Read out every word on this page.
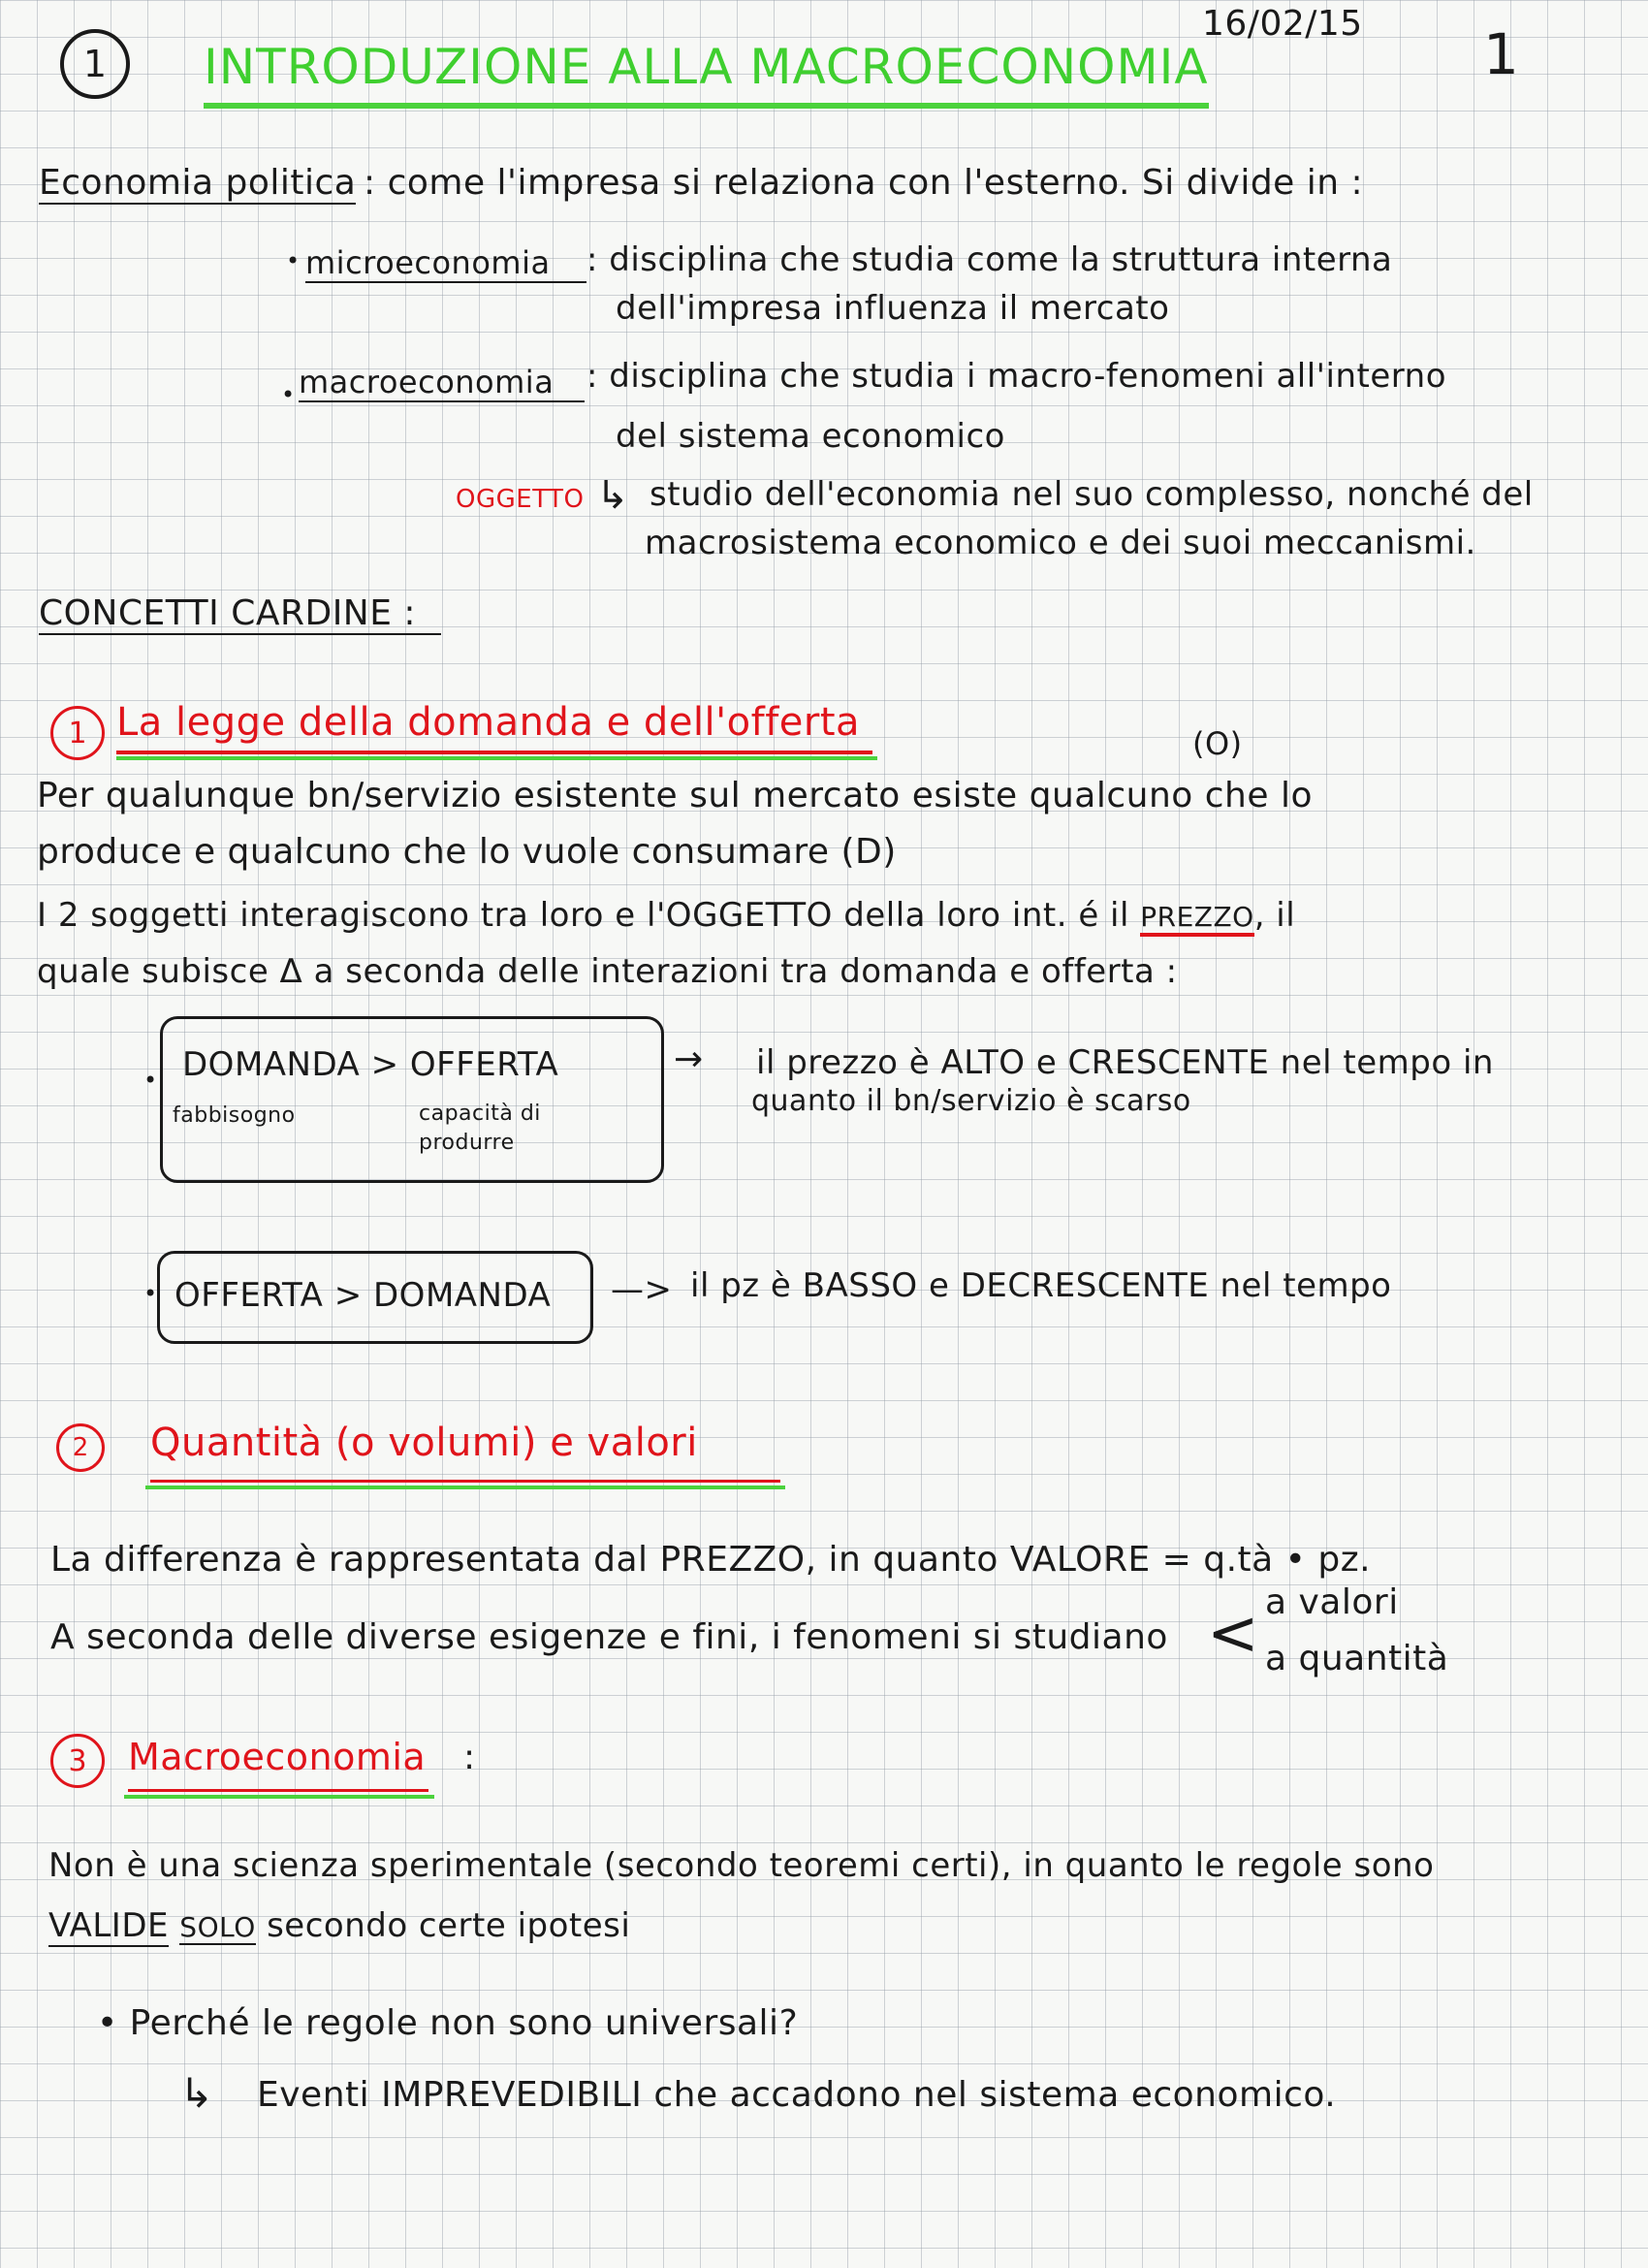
1 INTRODUZIONE ALLA MACROECONOMIA
16/02/15 1
Economia politica : come l'impresa si relaziona con l'esterno. Si divide in :
• microeconomia	: disciplina che studia come la struttura interna
dell'impresa influenza il mercato
• macroeconomia : disciplina che studia i macro-fenomeni all'interno
del sistema economico
OGGETTO ↳ studio dell'economia nel suo complesso, nonché del
macrosistema economico e dei suoi meccanismi.
CONCETTI CARDINE :
1 La legge della domanda e dell'offerta	(O)
Per qualunque bn/servizio esistente sul mercato esiste qualcuno che lo
produce e qualcuno che lo vuole consumare (D)
I 2 soggetti interagiscono tra loro e l'OGGETTO della loro int. é il PREZZO, il
quale subisce Δ a seconda delle interazioni tra domanda e offerta :
• DOMANDA > OFFERTA
fabbisogno	capacità di
produrre
→ il prezzo è ALTO e CRESCENTE nel tempo in
quanto il bn/servizio è scarso
• OFFERTA > DOMANDA —> il pz è BASSO e DECRESCENTE nel tempo
2	Quantità (o volumi) e valori
La differenza è rappresentata dal PREZZO, in quanto VALORE = q.tà • pz.
A seconda delle diverse esigenze e fini, i fenomeni si studiano < a valori
a quantità
3	Macroeconomia :
Non è una scienza sperimentale (secondo teoremi certi), in quanto le regole sono
VALIDE SOLO secondo certe ipotesi
• Perché le regole non sono universali?
↳ Eventi IMPREVEDIBILI che accadono nel sistema economico.
